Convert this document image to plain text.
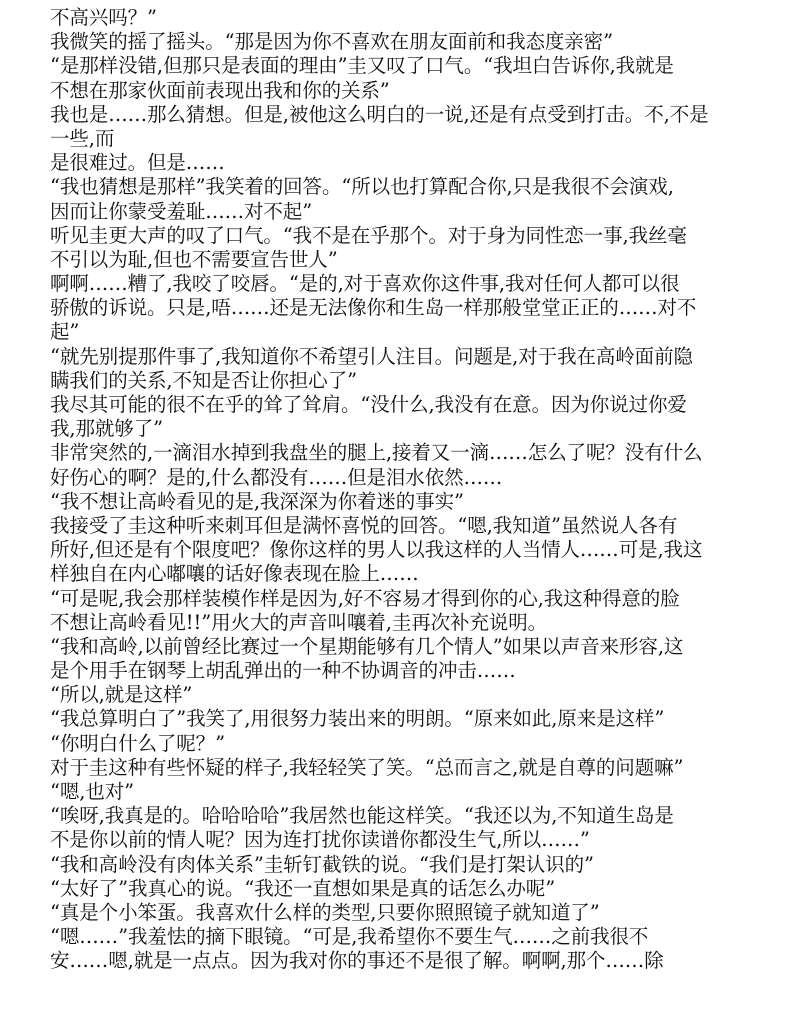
不高兴吗？”
我微笑的摇了摇头。“那是因为你不喜欢在朋友面前和我态度亲密”
“是那样没错,但那只是表面的理由”圭又叹了口气。“我坦白告诉你,我就是
不想在那家伙面前表现出我和你的关系”
我也是……那么猜想。但是,被他这么明白的一说,还是有点受到打击。不,不是
一些,而
是很难过。但是……
“我也猜想是那样”我笑着的回答。“所以也打算配合你,只是我很不会演戏,
因而让你蒙受羞耻……对不起”
听见圭更大声的叹了口气。“我不是在乎那个。对于身为同性恋一事,我丝毫
不引以为耻,但也不需要宣告世人”
啊啊……糟了,我咬了咬唇。“是的,对于喜欢你这件事,我对任何人都可以很
骄傲的诉说。只是,唔……还是无法像你和生岛一样那般堂堂正正的……对不
起”
“就先别提那件事了,我知道你不希望引人注目。问题是,对于我在高岭面前隐
瞒我们的关系,不知是否让你担心了”
我尽其可能的很不在乎的耸了耸肩。“没什么,我没有在意。因为你说过你爱
我,那就够了”
非常突然的,一滴泪水掉到我盘坐的腿上,接着又一滴……怎么了呢？没有什么
好伤心的啊？是的,什么都没有……但是泪水依然……
“我不想让高岭看见的是,我深深为你着迷的事实”
我接受了圭这种听来刺耳但是满怀喜悦的回答。“嗯,我知道”虽然说人各有
所好,但还是有个限度吧？像你这样的男人以我这样的人当情人……可是,我这
样独自在内心嘟嚷的话好像表现在脸上……
“可是呢,我会那样装模作样是因为,好不容易才得到你的心,我这种得意的脸
不想让高岭看见!!”用火大的声音叫嚷着,圭再次补充说明。
“我和高岭,以前曾经比赛过一个星期能够有几个情人”如果以声音来形容,这
是个用手在钢琴上胡乱弹出的一种不协调音的冲击……
“所以,就是这样”
“我总算明白了”我笑了,用很努力装出来的明朗。“原来如此,原来是这样”
“你明白什么了呢？”
对于圭这种有些怀疑的样子,我轻轻笑了笑。“总而言之,就是自尊的问题嘛”
“嗯,也对”
“唉呀,我真是的。哈哈哈哈”我居然也能这样笑。“我还以为,不知道生岛是
不是你以前的情人呢？因为连打扰你读谱你都没生气,所以……”
“我和高岭没有肉体关系”圭斩钉截铁的说。“我们是打架认识的”
“太好了”我真心的说。“我还一直想如果是真的话怎么办呢”
“真是个小笨蛋。我喜欢什么样的类型,只要你照照镜子就知道了”
“嗯……”我羞怯的摘下眼镜。“可是,我希望你不要生气……之前我很不
安……嗯,就是一点点。因为我对你的事还不是很了解。啊啊,那个……除
